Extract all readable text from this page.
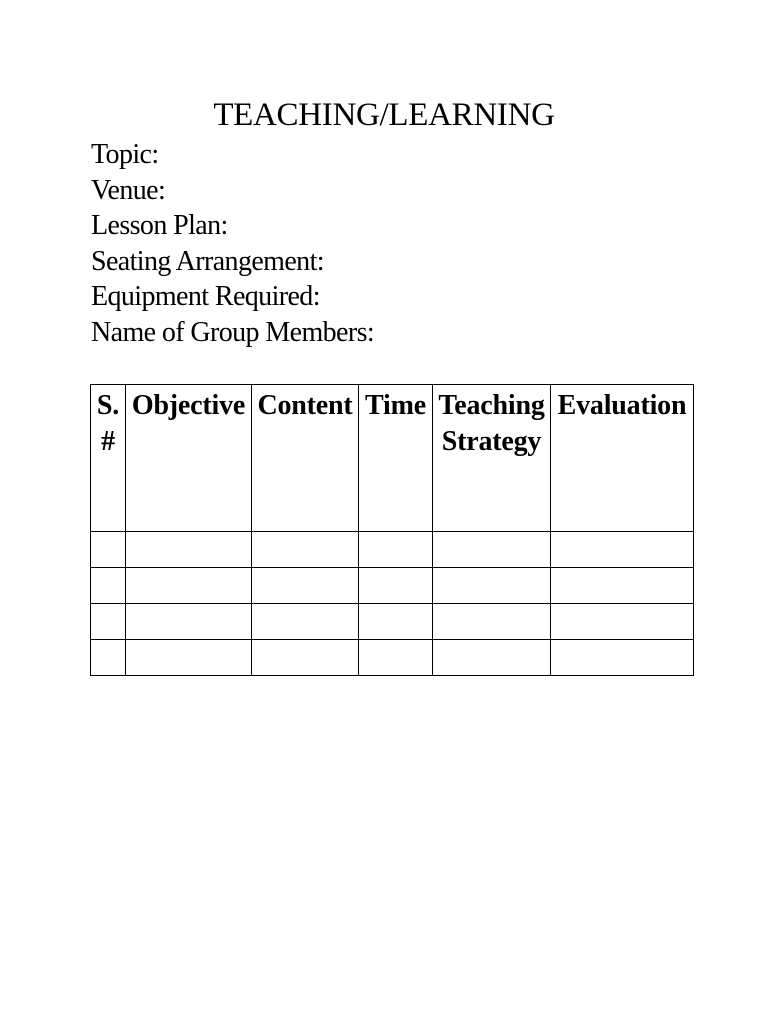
TEACHING/LEARNING
Topic:
Venue:
Lesson Plan:
Seating Arrangement:
Equipment Required:
Name of Group Members:
S.#	Objective	Content	Time	Teaching Strategy	Evaluation
